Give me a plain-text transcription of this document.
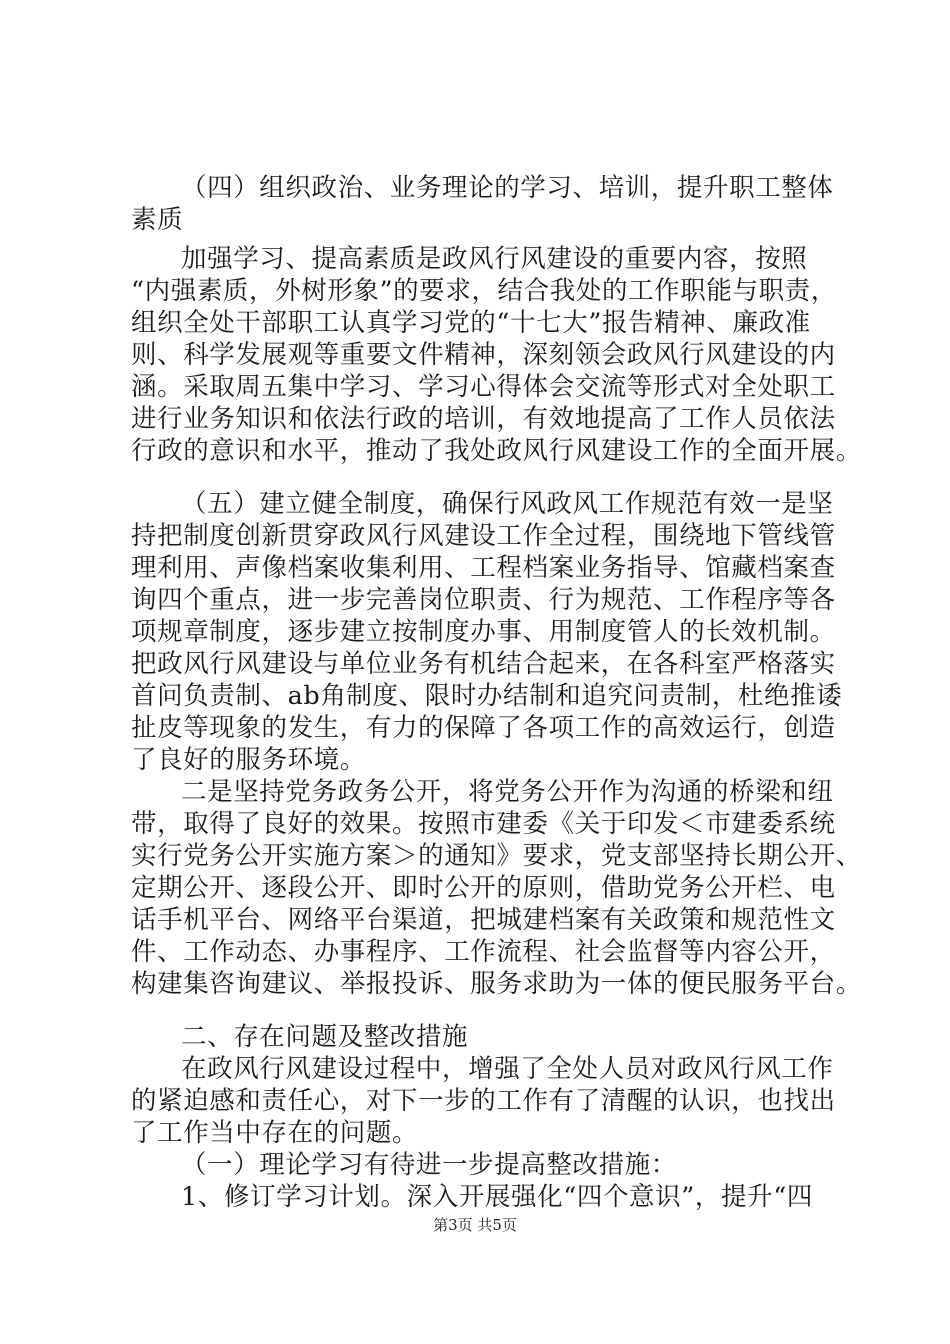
（四）组织政治、业务理论的学习、培训，提升职工整体
素质
加强学习、提高素质是政风行风建设的重要内容，按照
“内强素质，外树形象”的要求，结合我处的工作职能与职责，
组织全处干部职工认真学习党的“十七大”报告精神、廉政准
则、科学发展观等重要文件精神，深刻领会政风行风建设的内
涵。采取周五集中学习、学习心得体会交流等形式对全处职工
进行业务知识和依法行政的培训，有效地提高了工作人员依法
行政的意识和水平，推动了我处政风行风建设工作的全面开展。
（五）建立健全制度，确保行风政风工作规范有效一是坚
持把制度创新贯穿政风行风建设工作全过程，围绕地下管线管
理利用、声像档案收集利用、工程档案业务指导、馆藏档案查
询四个重点，进一步完善岗位职责、行为规范、工作程序等各
项规章制度，逐步建立按制度办事、用制度管人的长效机制。
把政风行风建设与单位业务有机结合起来，在各科室严格落实
首问负责制、ab角制度、限时办结制和追究问责制，杜绝推诿
扯皮等现象的发生，有力的保障了各项工作的高效运行，创造
了良好的服务环境。
二是坚持党务政务公开，将党务公开作为沟通的桥梁和纽
带，取得了良好的效果。按照市建委《关于印发＜市建委系统
实行党务公开实施方案＞的通知》要求，党支部坚持长期公开、
定期公开、逐段公开、即时公开的原则，借助党务公开栏、电
话手机平台、网络平台渠道，把城建档案有关政策和规范性文
件、工作动态、办事程序、工作流程、社会监督等内容公开，
构建集咨询建议、举报投诉、服务求助为一体的便民服务平台。
二、存在问题及整改措施
在政风行风建设过程中，增强了全处人员对政风行风工作
的紧迫感和责任心，对下一步的工作有了清醒的认识，也找出
了工作当中存在的问题。
（一）理论学习有待进一步提高整改措施：
1、修订学习计划。深入开展强化“四个意识”，提升“四
第3页 共5页
